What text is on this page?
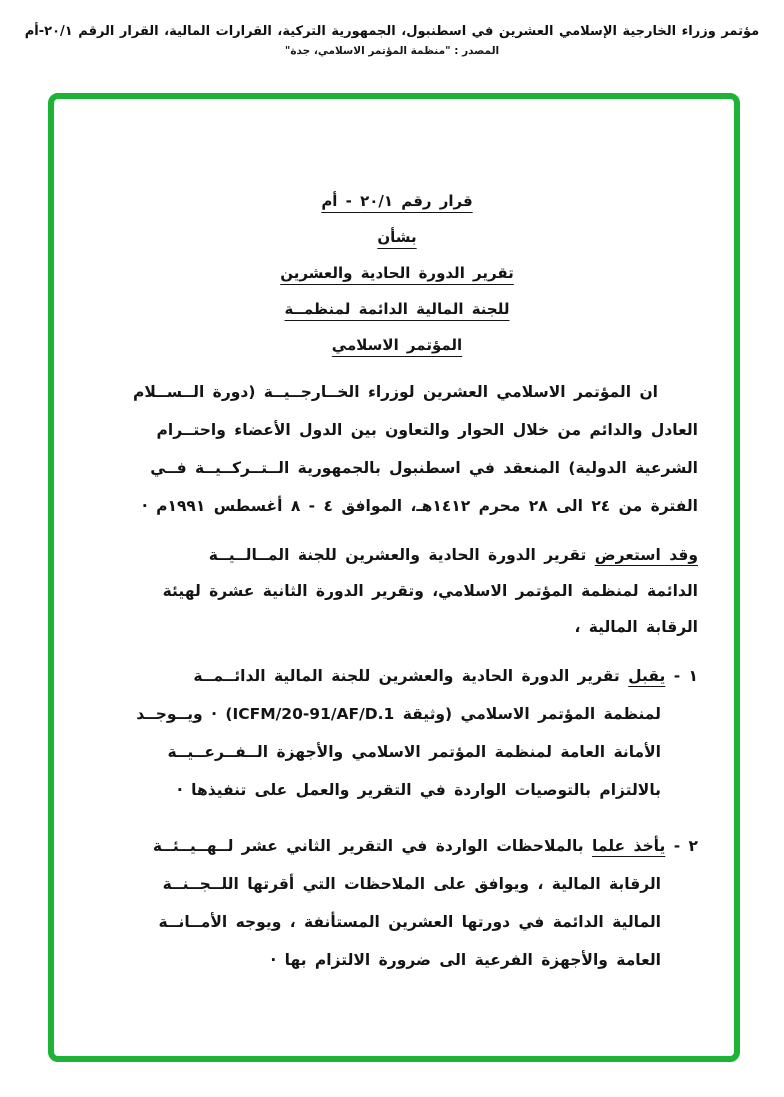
مؤتمر وزراء الخارجية الإسلامي العشرين في اسطنبول، الجمهورية التركية، القرارات المالية، القرار الرقم ٢٠/١-أم
المصدر : "منظمة المؤتمر الاسلامي، جدة"
قرار رقم ٢٠/١ - أم
بشأن
تقرير الدورة الحادية والعشرين
للجنة المالية الدائمة لمنظمــة
المؤتمر الاسلامي
ان المؤتمر الاسلامي العشرين لوزراء الخــارجــيــة (دورة الــســلام
العادل والدائم من خلال الحوار والتعاون بين الدول الأعضاء واحتــرام
الشرعية الدولية) المنعقد في اسطنبول بالجمهورية الــتــركــيــة فــي
الفترة من ٢٤ الى ٢٨ محرم ١٤١٢هـ، الموافق ٤ - ٨ أغسطس ١٩٩١م ·
وقد استعرض تقرير الدورة الحادية والعشرين للجنة المــالــيــة
الدائمة لمنظمة المؤتمر الاسلامي، وتقرير الدورة الثانية عشرة لهيئة
الرقابة المالية ،
١ - يقبل تقرير الدورة الحادية والعشرين للجنة المالية الدائــمــة
لمنظمة المؤتمر الاسلامي (وثيقة ICFM/20-91/AF/D.1) · ويــوجــد
الأمانة العامة لمنظمة المؤتمر الاسلامي والأجهزة الــفــرعــيــة
بالالتزام بالتوصيات الواردة في التقرير والعمل على تنفيذها ·
٢ - يأخذ علما بالملاحظات الواردة في التقرير الثاني عشر لــهــيــئــة
الرقابة المالية ، ويوافق على الملاحظات التي أقرتها اللــجــنــة
المالية الدائمة في دورتها العشرين المستأنفة ، ويوجه الأمــانــة
العامة والأجهزة الفرعية الى ضرورة الالتزام بها ·
